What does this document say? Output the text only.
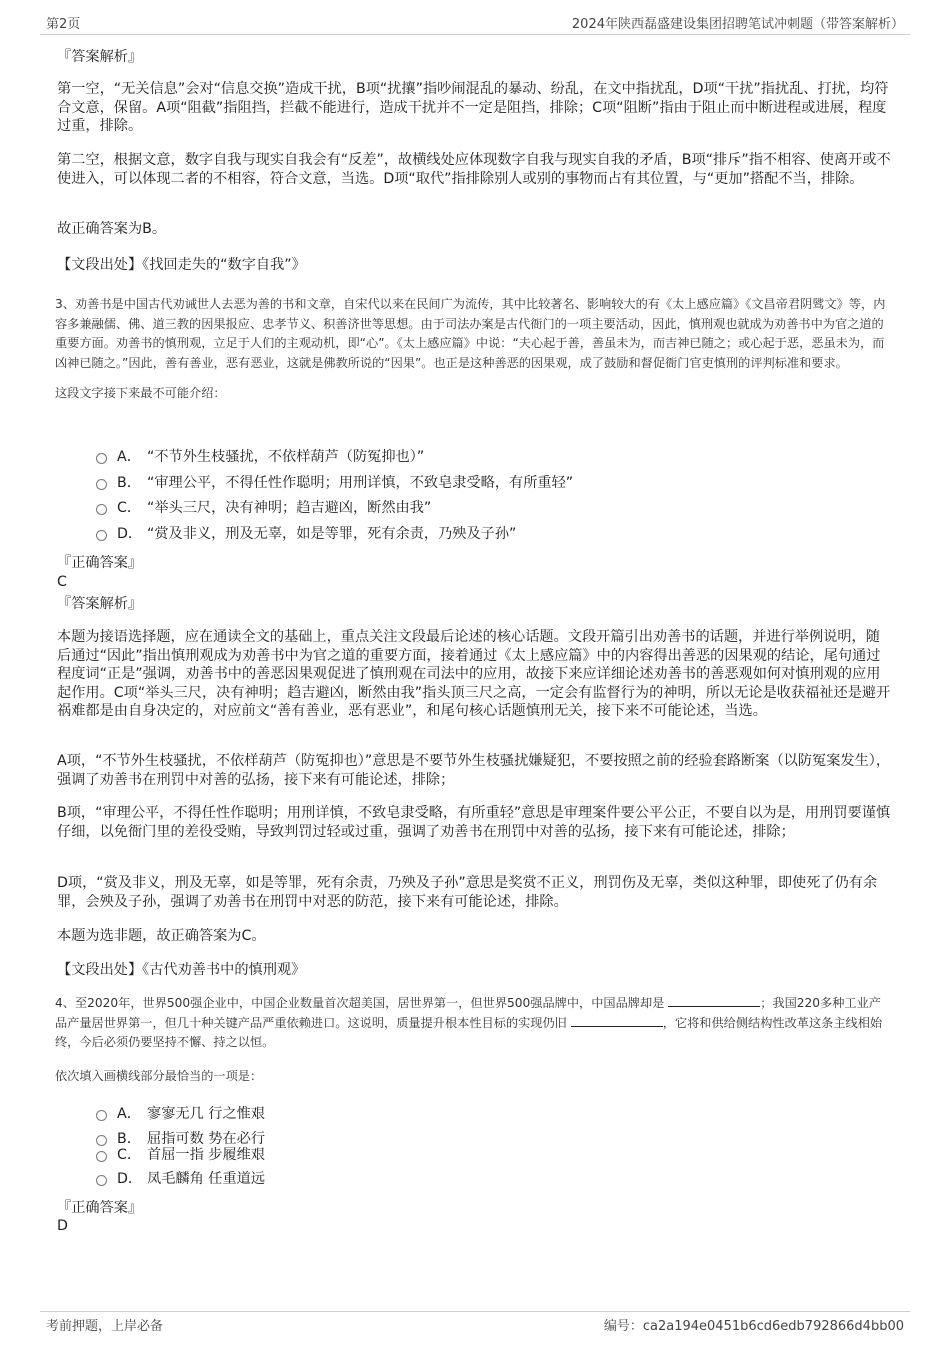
第2页	2024年陕西磊盛建设集团招聘笔试冲刺题（带答案解析）
『答案解析』

第一空，“无关信息”会对“信息交换”造成干扰，B项“扰攘”指吵闹混乱的暴动、纷乱，在文中指扰乱，D项“干扰”指扰乱、打扰，均符合文意，保留。A项“阻截”指阻挡，拦截不能进行，造成干扰并不一定是阻挡，排除；C项“阻断”指由于阻止而中断进程或进展，程度过重，排除。

第二空，根据文意，数字自我与现实自我会有“反差”，故横线处应体现数字自我与现实自我的矛盾，B项“排斥”指不相容、使离开或不使进入，可以体现二者的不相容，符合文意，当选。D项“取代”指排除别人或别的事物而占有其位置，与“更加”搭配不当，排除。

故正确答案为B。
【文段出处】《找回走失的“数字自我”》

3、劝善书是中国古代劝诫世人去恶为善的书和文章，自宋代以来在民间广为流传，其中比较著名、影响较大的有《太上感应篇》《文昌帝君阴骘文》等，内容多兼融儒、佛、道三教的因果报应、忠孝节义、积善济世等思想。由于司法办案是古代衙门的一项主要活动，因此，慎刑观也就成为劝善书中为官之道的重要方面。劝善书的慎刑观，立足于人们的主观动机，即“心”。《太上感应篇》中说：“夫心起于善，善虽未为，而吉神已随之；或心起于恶，恶虽未为，而凶神已随之。”因此，善有善业，恶有恶业，这就是佛教所说的“因果”。也正是这种善恶的因果观，成了鼓励和督促衙门官吏慎刑的评判标准和要求。

这段文字接下来最不可能介绍：
A． “不节外生枝骚扰，不依样葫芦（防冤抑也）”
B． “审理公平，不得任性作聪明；用刑详慎，不致皂隶受略，有所重轻”
C． “举头三尺，决有神明；趋吉避凶，断然由我”
D． “赏及非义，刑及无辜，如是等罪，死有余责，乃殃及子孙”
『正确答案』
C
『答案解析』

本题为接语选择题，应在通读全文的基础上，重点关注文段最后论述的核心话题。文段开篇引出劝善书的话题，并进行举例说明，随后通过“因此”指出慎刑观成为劝善书中为官之道的重要方面，接着通过《太上感应篇》中的内容得出善恶的因果观的结论，尾句通过程度词“正是”强调，劝善书中的善恶因果观促进了慎刑观在司法中的应用，故接下来应详细论述劝善书的善恶观如何对慎刑观的应用起作用。C项“举头三尺，决有神明；趋吉避凶，断然由我”指头顶三尺之高，一定会有监督行为的神明，所以无论是收获福祉还是避开祸难都是由自身决定的，对应前文“善有善业，恶有恶业”，和尾句核心话题慎刑无关，接下来不可能论述，当选。

A项，“不节外生枝骚扰，不依样葫芦（防冤抑也）”意思是不要节外生枝骚扰嫌疑犯，不要按照之前的经验套路断案（以防冤案发生），强调了劝善书在刑罚中对善的弘扬，接下来有可能论述，排除；

B项，“审理公平，不得任性作聪明；用刑详慎，不致皂隶受略，有所重轻”意思是审理案件要公平公正，不要自以为是，用刑罚要谨慎仔细，以免衙门里的差役受贿，导致判罚过轻或过重，强调了劝善书在刑罚中对善的弘扬，接下来有可能论述，排除；

D项，“赏及非义，刑及无辜，如是等罪，死有余责，乃殃及子孙”意思是奖赏不正义，刑罚伤及无辜，类似这种罪，即使死了仍有余罪，会殃及子孙，强调了劝善书在刑罚中对恶的防范，接下来有可能论述，排除。

本题为选非题，故正确答案为C。
【文段出处】《古代劝善书中的慎刑观》

4、至2020年，世界500强企业中，中国企业数量首次超美国，居世界第一，但世界500强品牌中，中国品牌却是	；我国220多种工业产品产量居世界第一，但几十种关键产品严重依赖进口。这说明，质量提升根本性目标的实现仍旧	，它将和供给侧结构性改革这条主线相始终，今后必须仍要坚持不懈、持之以恒。

依次填入画横线部分最恰当的一项是：
A． 寥寥无几 行之惟艰
B． 屈指可数 势在必行
C． 首屈一指 步履维艰
D． 凤毛麟角 任重道远
『正确答案』
D
考前押题，上岸必备	编号：ca2a194e0451b6cd6edb792866d4bb00
